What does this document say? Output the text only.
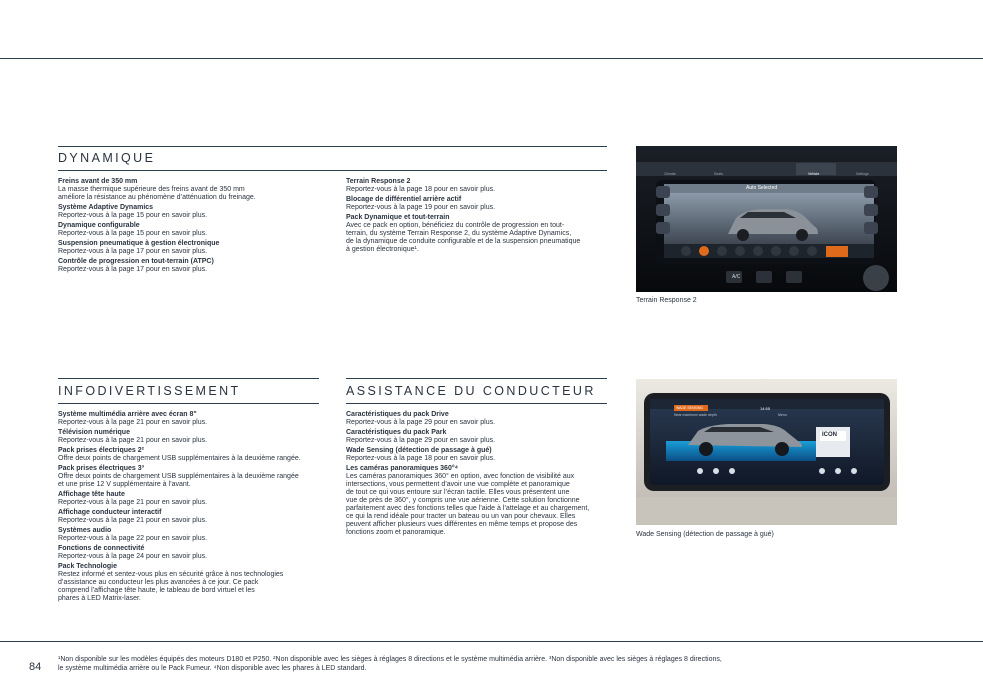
DYNAMIQUE
Freins avant de 350 mm
La masse thermique supérieure des freins avant de 350 mm
améliore la résistance au phénomène d’atténuation du freinage.
Système Adaptive Dynamics
Reportez-vous à la page 15 pour en savoir plus.
Dynamique configurable
Reportez-vous à la page 15 pour en savoir plus.
Suspension pneumatique à gestion électronique
Reportez-vous à la page 17 pour en savoir plus.
Contrôle de progression en tout-terrain (ATPC)
Reportez-vous à la page 17 pour en savoir plus.
Terrain Response 2
Reportez-vous à la page 18 pour en savoir plus.
Blocage de différentiel arrière actif
Reportez-vous à la page 19 pour en savoir plus.
Pack Dynamique et tout-terrain
Avec ce pack en option, bénéficiez du contrôle de progression en tout-
terrain, du système Terrain Response 2, du système Adaptive Dynamics,
de la dynamique de conduite configurable et de la suspension pneumatique
à gestion électronique¹.
Auto Selected
A/C
Climate	Seats	Vehicle	Settings
Terrain Response 2
INFODIVERTISSEMENT
Système multimédia arrière avec écran 8"
Reportez-vous à la page 21 pour en savoir plus.
Télévision numérique
Reportez-vous à la page 21 pour en savoir plus.
Pack prises électriques 2²
Offre deux points de chargement USB supplémentaires à la deuxième rangée.
Pack prises électriques 3³
Offre deux points de chargement USB supplémentaires à la deuxième rangée
et une prise 12 V supplémentaire à l’avant.
Affichage tête haute
Reportez-vous à la page 21 pour en savoir plus.
Affichage conducteur interactif
Reportez-vous à la page 21 pour en savoir plus.
Systèmes audio
Reportez-vous à la page 22 pour en savoir plus.
Fonctions de connectivité
Reportez-vous à la page 24 pour en savoir plus.
Pack Technologie
Restez informé et sentez-vous plus en sécurité grâce à nos technologies
d’assistance au conducteur les plus avancées à ce jour. Ce pack
comprend l’affichage tête haute, le tableau de bord virtuel et les
phares à LED Matrix-laser.
ASSISTANCE DU CONDUCTEUR
Caractéristiques du pack Drive
Reportez-vous à la page 29 pour en savoir plus.
Caractéristiques du pack Park
Reportez-vous à la page 29 pour en savoir plus.
Wade Sensing (détection de passage à gué)
Reportez-vous à la page 18 pour en savoir plus.
Les caméras panoramiques 360°⁴
Les caméras panoramiques 360° en option, avec fonction de visibilité aux
intersections, vous permettent d’avoir une vue complète et panoramique
de tout ce qui vous entoure sur l’écran tactile. Elles vous présentent une
vue de près de 360°, y compris une vue aérienne. Cette solution fonctionne
parfaitement avec des fonctions telles que l’aide à l’attelage et au chargement,
ce qui la rend idéale pour tracter un bateau ou un van pour chevaux. Elles
peuvent afficher plusieurs vues différentes en même temps et propose des
fonctions zoom et panoramique.
WADE SENSING	14:55
Near maximum wade depth	Menu
ICON
Wade Sensing (détection de passage à gué)
84
¹Non disponible sur les modèles équipés des moteurs D180 et P250. ²Non disponible avec les sièges à réglages 8 directions et le système multimédia arrière. ³Non disponible avec les sièges à réglages 8 directions,
le système multimédia arrière ou le Pack Fumeur. ⁴Non disponible avec les phares à LED standard.
